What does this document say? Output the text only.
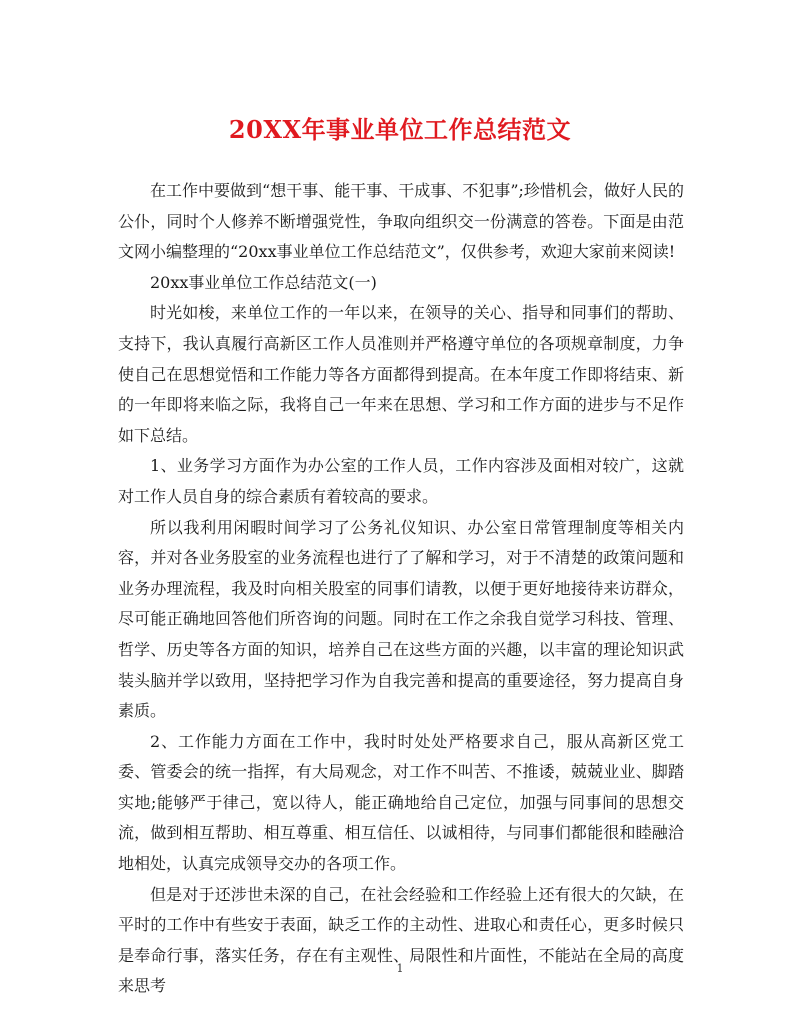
20XX年事业单位工作总结范文

在工作中要做到“想干事、能干事、干成事、不犯事”;珍惜机会，做好人民的公仆，同时个人修养不断增强党性，争取向组织交一份满意的答卷。下面是由范文网小编整理的“20xx事业单位工作总结范文”，仅供参考，欢迎大家前来阅读!

20xx事业单位工作总结范文(一)

时光如梭，来单位工作的一年以来，在领导的关心、指导和同事们的帮助、支持下，我认真履行高新区工作人员准则并严格遵守单位的各项规章制度，力争使自己在思想觉悟和工作能力等各方面都得到提高。在本年度工作即将结束、新的一年即将来临之际，我将自己一年来在思想、学习和工作方面的进步与不足作如下总结。

1、业务学习方面作为办公室的工作人员，工作内容涉及面相对较广，这就对工作人员自身的综合素质有着较高的要求。

所以我利用闲暇时间学习了公务礼仪知识、办公室日常管理制度等相关内容，并对各业务股室的业务流程也进行了了解和学习，对于不清楚的政策问题和业务办理流程，我及时向相关股室的同事们请教，以便于更好地接待来访群众，尽可能正确地回答他们所咨询的问题。同时在工作之余我自觉学习科技、管理、哲学、历史等各方面的知识，培养自己在这些方面的兴趣，以丰富的理论知识武装头脑并学以致用，坚持把学习作为自我完善和提高的重要途径，努力提高自身素质。

2、工作能力方面在工作中，我时时处处严格要求自己，服从高新区党工委、管委会的统一指挥，有大局观念，对工作不叫苦、不推诿，兢兢业业、脚踏实地;能够严于律己，宽以待人，能正确地给自己定位，加强与同事间的思想交流，做到相互帮助、相互尊重、相互信任、以诚相待，与同事们都能很和睦融洽地相处，认真完成领导交办的各项工作。

但是对于还涉世未深的自己，在社会经验和工作经验上还有很大的欠缺，在平时的工作中有些安于表面，缺乏工作的主动性、进取心和责任心，更多时候只是奉命行事，落实任务，存在有主观性、局限性和片面性，不能站在全局的高度来思考

1
